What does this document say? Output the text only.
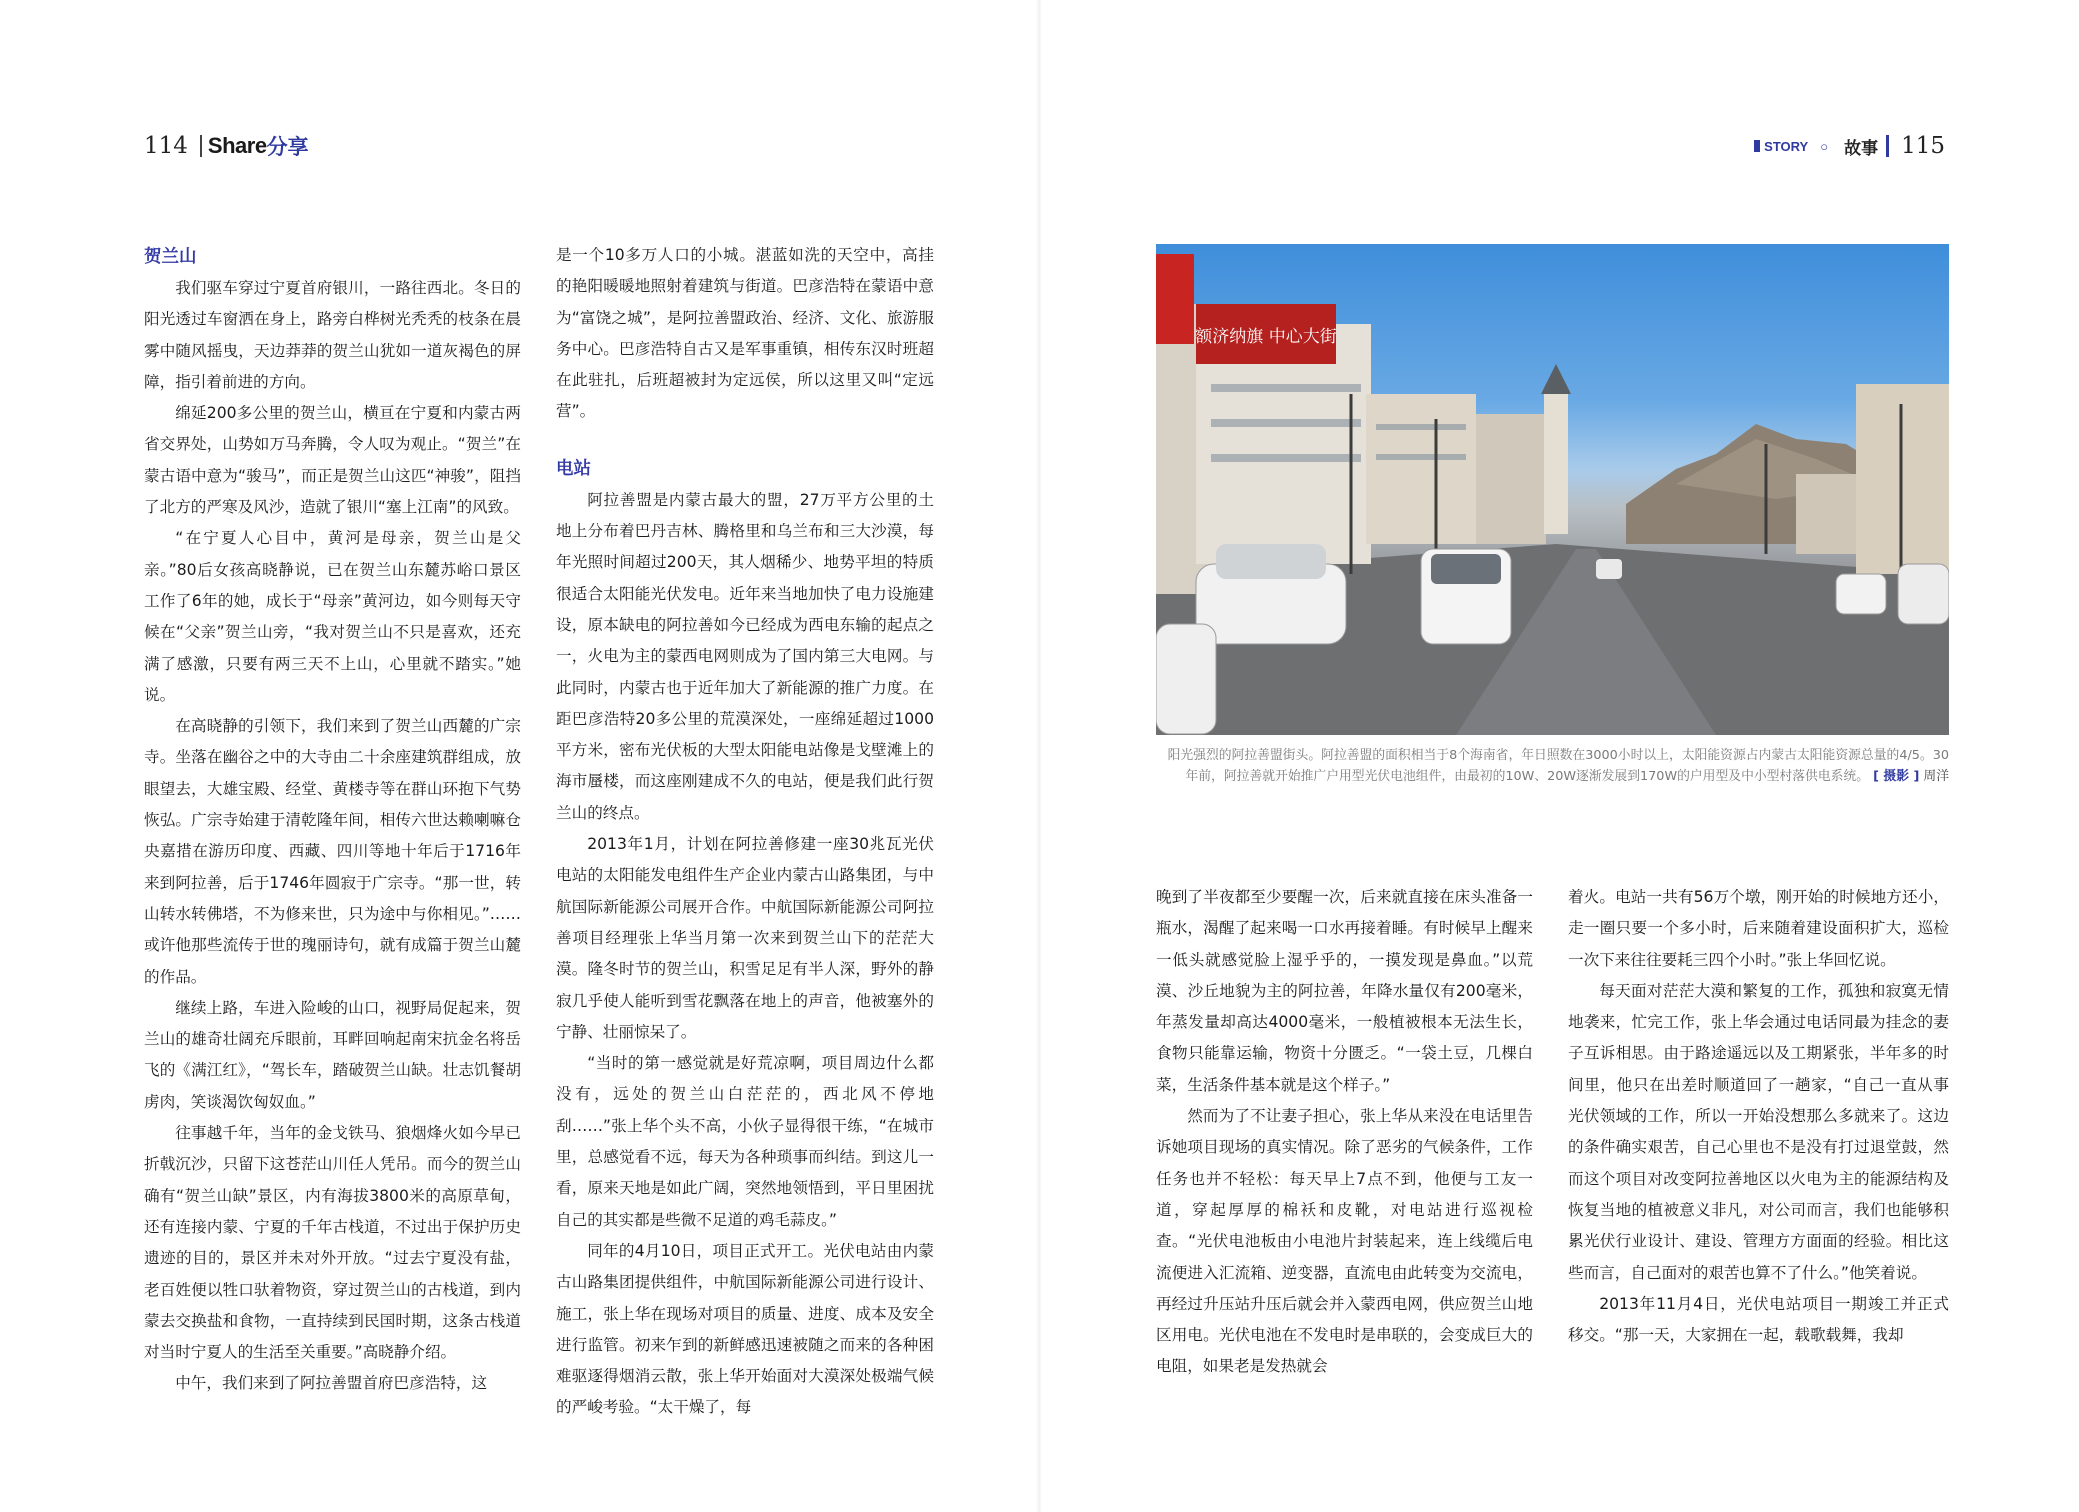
114 Share 分享	STORY ○ 故事 115
贺兰山

我们驱车穿过宁夏首府银川，一路往西北。冬日的阳光透过车窗洒在身上，路旁白桦树光秃秃的枝条在晨雾中随风摇曳，天边莽莽的贺兰山犹如一道灰褐色的屏障，指引着前进的方向。

绵延200多公里的贺兰山，横亘在宁夏和内蒙古两省交界处，山势如万马奔腾，令人叹为观止。“贺兰”在蒙古语中意为“骏马”，而正是贺兰山这匹“神骏”，阻挡了北方的严寒及风沙，造就了银川“塞上江南”的风致。

“在宁夏人心目中，黄河是母亲，贺兰山是父亲。”80后女孩高晓静说，已在贺兰山东麓苏峪口景区工作了6年的她，成长于“母亲”黄河边，如今则每天守候在“父亲”贺兰山旁，“我对贺兰山不只是喜欢，还充满了感激，只要有两三天不上山，心里就不踏实。”她说。

在高晓静的引领下，我们来到了贺兰山西麓的广宗寺。坐落在幽谷之中的大寺由二十余座建筑群组成，放眼望去，大雄宝殿、经堂、黄楼寺等在群山环抱下气势恢弘。广宗寺始建于清乾隆年间，相传六世达赖喇嘛仓央嘉措在游历印度、西藏、四川等地十年后于1716年来到阿拉善，后于1746年圆寂于广宗寺。“那一世，转山转水转佛塔，不为修来世，只为途中与你相见。”……或许他那些流传于世的瑰丽诗句，就有成篇于贺兰山麓的作品。

继续上路，车进入险峻的山口，视野局促起来，贺兰山的雄奇壮阔充斥眼前，耳畔回响起南宋抗金名将岳飞的《满江红》，“驾长车，踏破贺兰山缺。壮志饥餐胡虏肉，笑谈渴饮匈奴血。”

往事越千年，当年的金戈铁马、狼烟烽火如今早已折戟沉沙，只留下这苍茫山川任人凭吊。而今的贺兰山确有“贺兰山缺”景区，内有海拔3800米的高原草甸，还有连接内蒙、宁夏的千年古栈道，不过出于保护历史遗迹的目的，景区并未对外开放。“过去宁夏没有盐，老百姓便以牲口驮着物资，穿过贺兰山的古栈道，到内蒙去交换盐和食物，一直持续到民国时期，这条古栈道对当时宁夏人的生活至关重要。”高晓静介绍。

中午，我们来到了阿拉善盟首府巴彦浩特，这

是一个10多万人口的小城。湛蓝如洗的天空中，高挂的艳阳暖暖地照射着建筑与街道。巴彦浩特在蒙语中意为“富饶之城”，是阿拉善盟政治、经济、文化、旅游服务中心。巴彦浩特自古又是军事重镇，相传东汉时班超在此驻扎，后班超被封为定远侯，所以这里又叫“定远营”。

电站

阿拉善盟是内蒙古最大的盟，27万平方公里的土地上分布着巴丹吉林、腾格里和乌兰布和三大沙漠，每年光照时间超过200天，其人烟稀少、地势平坦的特质很适合太阳能光伏发电。近年来当地加快了电力设施建设，原本缺电的阿拉善如今已经成为西电东输的起点之一，火电为主的蒙西电网则成为了国内第三大电网。与此同时，内蒙古也于近年加大了新能源的推广力度。在距巴彦浩特20多公里的荒漠深处，一座绵延超过1000平方米，密布光伏板的大型太阳能电站像是戈壁滩上的海市蜃楼，而这座刚建成不久的电站，便是我们此行贺兰山的终点。

2013年1月，计划在阿拉善修建一座30兆瓦光伏电站的太阳能发电组件生产企业内蒙古山路集团，与中航国际新能源公司展开合作。中航国际新能源公司阿拉善项目经理张上华当月第一次来到贺兰山下的茫茫大漠。隆冬时节的贺兰山，积雪足足有半人深，野外的静寂几乎使人能听到雪花飘落在地上的声音，他被塞外的宁静、壮丽惊呆了。

“当时的第一感觉就是好荒凉啊，项目周边什么都没有，远处的贺兰山白茫茫的，西北风不停地刮……”张上华个头不高，小伙子显得很干练，“在城市里，总感觉看不远，每天为各种琐事而纠结。到这儿一看，原来天地是如此广阔，突然地领悟到，平日里困扰自己的其实都是些微不足道的鸡毛蒜皮。”

同年的4月10日，项目正式开工。光伏电站由内蒙古山路集团提供组件，中航国际新能源公司进行设计、施工，张上华在现场对项目的质量、进度、成本及安全进行监管。初来乍到的新鲜感迅速被随之而来的各种困难驱逐得烟消云散，张上华开始面对大漠深处极端气候的严峻考验。“太干燥了，每

额济纳旗 中心大街
阳光强烈的阿拉善盟街头。阿拉善盟的面积相当于8个海南省，年日照数在3000小时以上，太阳能资源占内蒙古太阳能资源总量的4/5。30年前，阿拉善就开始推广户用型光伏电池组件，由最初的10W、20W逐渐发展到170W的户用型及中小型村落供电系统。 [ 摄影 ] 周洋

晚到了半夜都至少要醒一次，后来就直接在床头准备一瓶水，渴醒了起来喝一口水再接着睡。有时候早上醒来一低头就感觉脸上湿乎乎的，一摸发现是鼻血。”以荒漠、沙丘地貌为主的阿拉善，年降水量仅有200毫米，年蒸发量却高达4000毫米，一般植被根本无法生长，食物只能靠运输，物资十分匮乏。“一袋土豆，几棵白菜，生活条件基本就是这个样子。”

然而为了不让妻子担心，张上华从来没在电话里告诉她项目现场的真实情况。除了恶劣的气候条件，工作任务也并不轻松：每天早上7点不到，他便与工友一道，穿起厚厚的棉袄和皮靴，对电站进行巡视检查。“光伏电池板由小电池片封装起来，连上线缆后电流便进入汇流箱、逆变器，直流电由此转变为交流电，再经过升压站升压后就会并入蒙西电网，供应贺兰山地区用电。光伏电池在不发电时是串联的，会变成巨大的电阻，如果老是发热就会

着火。电站一共有56万个墩，刚开始的时候地方还小，走一圈只要一个多小时，后来随着建设面积扩大，巡检一次下来往往要耗三四个小时。”张上华回忆说。

每天面对茫茫大漠和繁复的工作，孤独和寂寞无情地袭来，忙完工作，张上华会通过电话同最为挂念的妻子互诉相思。由于路途遥远以及工期紧张，半年多的时间里，他只在出差时顺道回了一趟家，“自己一直从事光伏领域的工作，所以一开始没想那么多就来了。这边的条件确实艰苦，自己心里也不是没有打过退堂鼓，然而这个项目对改变阿拉善地区以火电为主的能源结构及恢复当地的植被意义非凡，对公司而言，我们也能够积累光伏行业设计、建设、管理方方面面的经验。相比这些而言，自己面对的艰苦也算不了什么。”他笑着说。

2013年11月4日，光伏电站项目一期竣工并正式移交。“那一天，大家拥在一起，载歌载舞，我却
